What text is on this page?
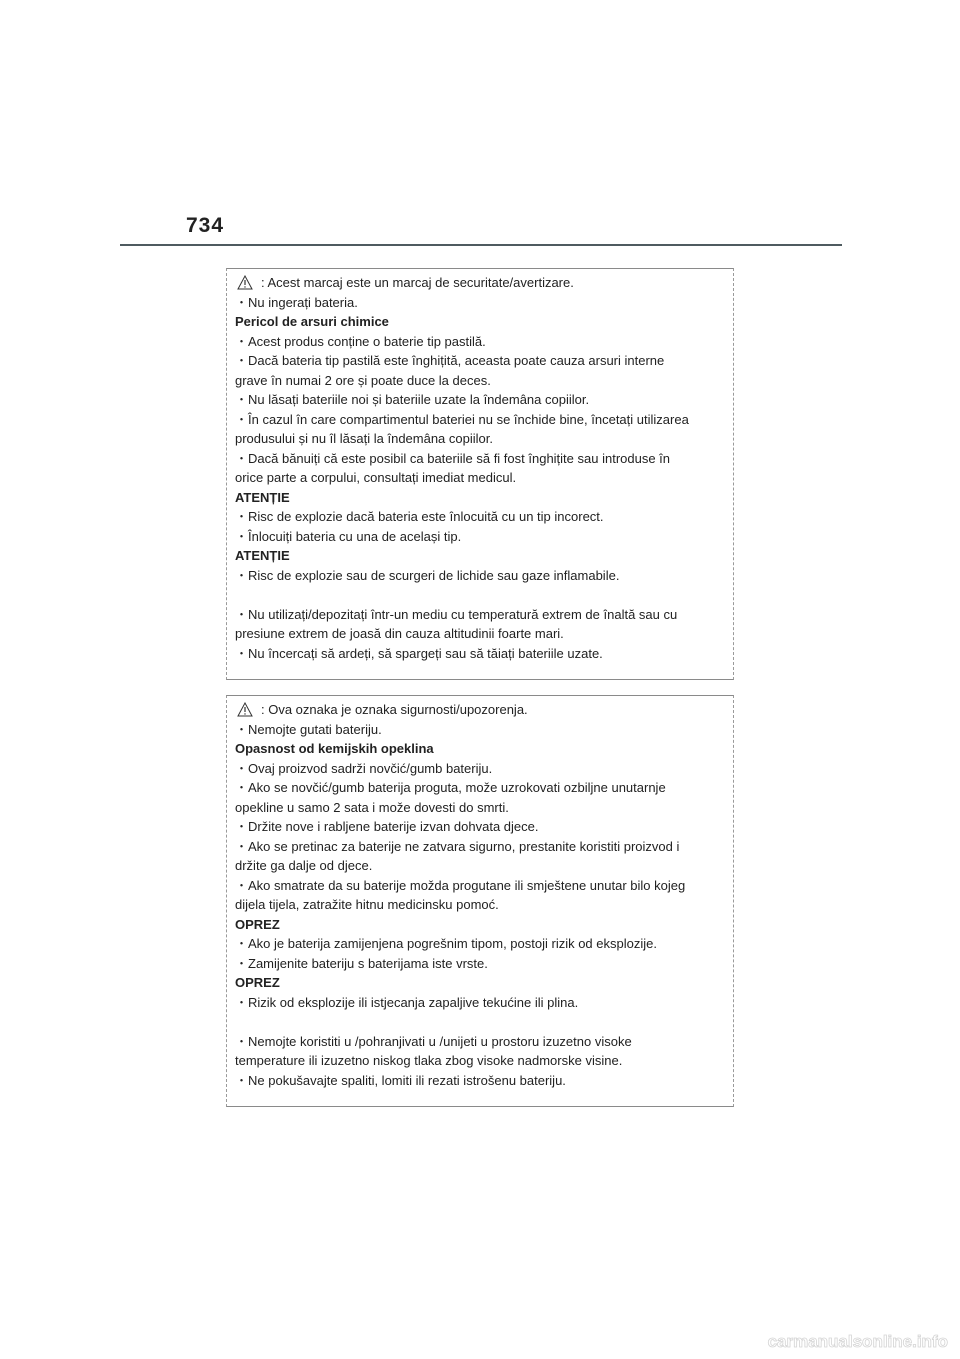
734
: Acest marcaj este un marcaj de securitate/avertizare.
・Nu ingerați bateria.
Pericol de arsuri chimice
・Acest produs conține o baterie tip pastilă.
・Dacă bateria tip pastilă este înghițită, aceasta poate cauza arsuri interne
grave în numai 2 ore și poate duce la deces.
・Nu lăsați bateriile noi și bateriile uzate la îndemâna copiilor.
・În cazul în care compartimentul bateriei nu se închide bine, încetați utilizarea
produsului și nu îl lăsați la îndemâna copiilor.
・Dacă bănuiți că este posibil ca bateriile să fi fost înghițite sau introduse în
orice parte a corpului, consultați imediat medicul.
ATENȚIE
・Risc de explozie dacă bateria este înlocuită cu un tip incorect.
・Înlocuiți bateria cu una de același tip.
ATENȚIE
・Risc de explozie sau de scurgeri de lichide sau gaze inflamabile.
・Nu utilizați/depozitați într-un mediu cu temperatură extrem de înaltă sau cu
presiune extrem de joasă din cauza altitudinii foarte mari.
・Nu încercați să ardeți, să spargeți sau să tăiați bateriile uzate.
: Ova oznaka je oznaka sigurnosti/upozorenja.
・Nemojte gutati bateriju.
Opasnost od kemijskih opeklina
・Ovaj proizvod sadrži novčić/gumb bateriju.
・Ako se novčić/gumb baterija proguta, može uzrokovati ozbiljne unutarnje
opekline u samo 2 sata i može dovesti do smrti.
・Držite nove i rabljene baterije izvan dohvata djece.
・Ako se pretinac za baterije ne zatvara sigurno, prestanite koristiti proizvod i
držite ga dalje od djece.
・Ako smatrate da su baterije možda progutane ili smještene unutar bilo kojeg
dijela tijela, zatražite hitnu medicinsku pomoć.
OPREZ
・Ako je baterija zamijenjena pogrešnim tipom, postoji rizik od eksplozije.
・Zamijenite bateriju s baterijama iste vrste.
OPREZ
・Rizik od eksplozije ili istjecanja zapaljive tekućine ili plina.
・Nemojte koristiti u /pohranjivati u /unijeti u prostoru izuzetno visoke
temperature ili izuzetno niskog tlaka zbog visoke nadmorske visine.
・Ne pokušavajte spaliti, lomiti ili rezati istrošenu bateriju.
carmanualsonline.info
